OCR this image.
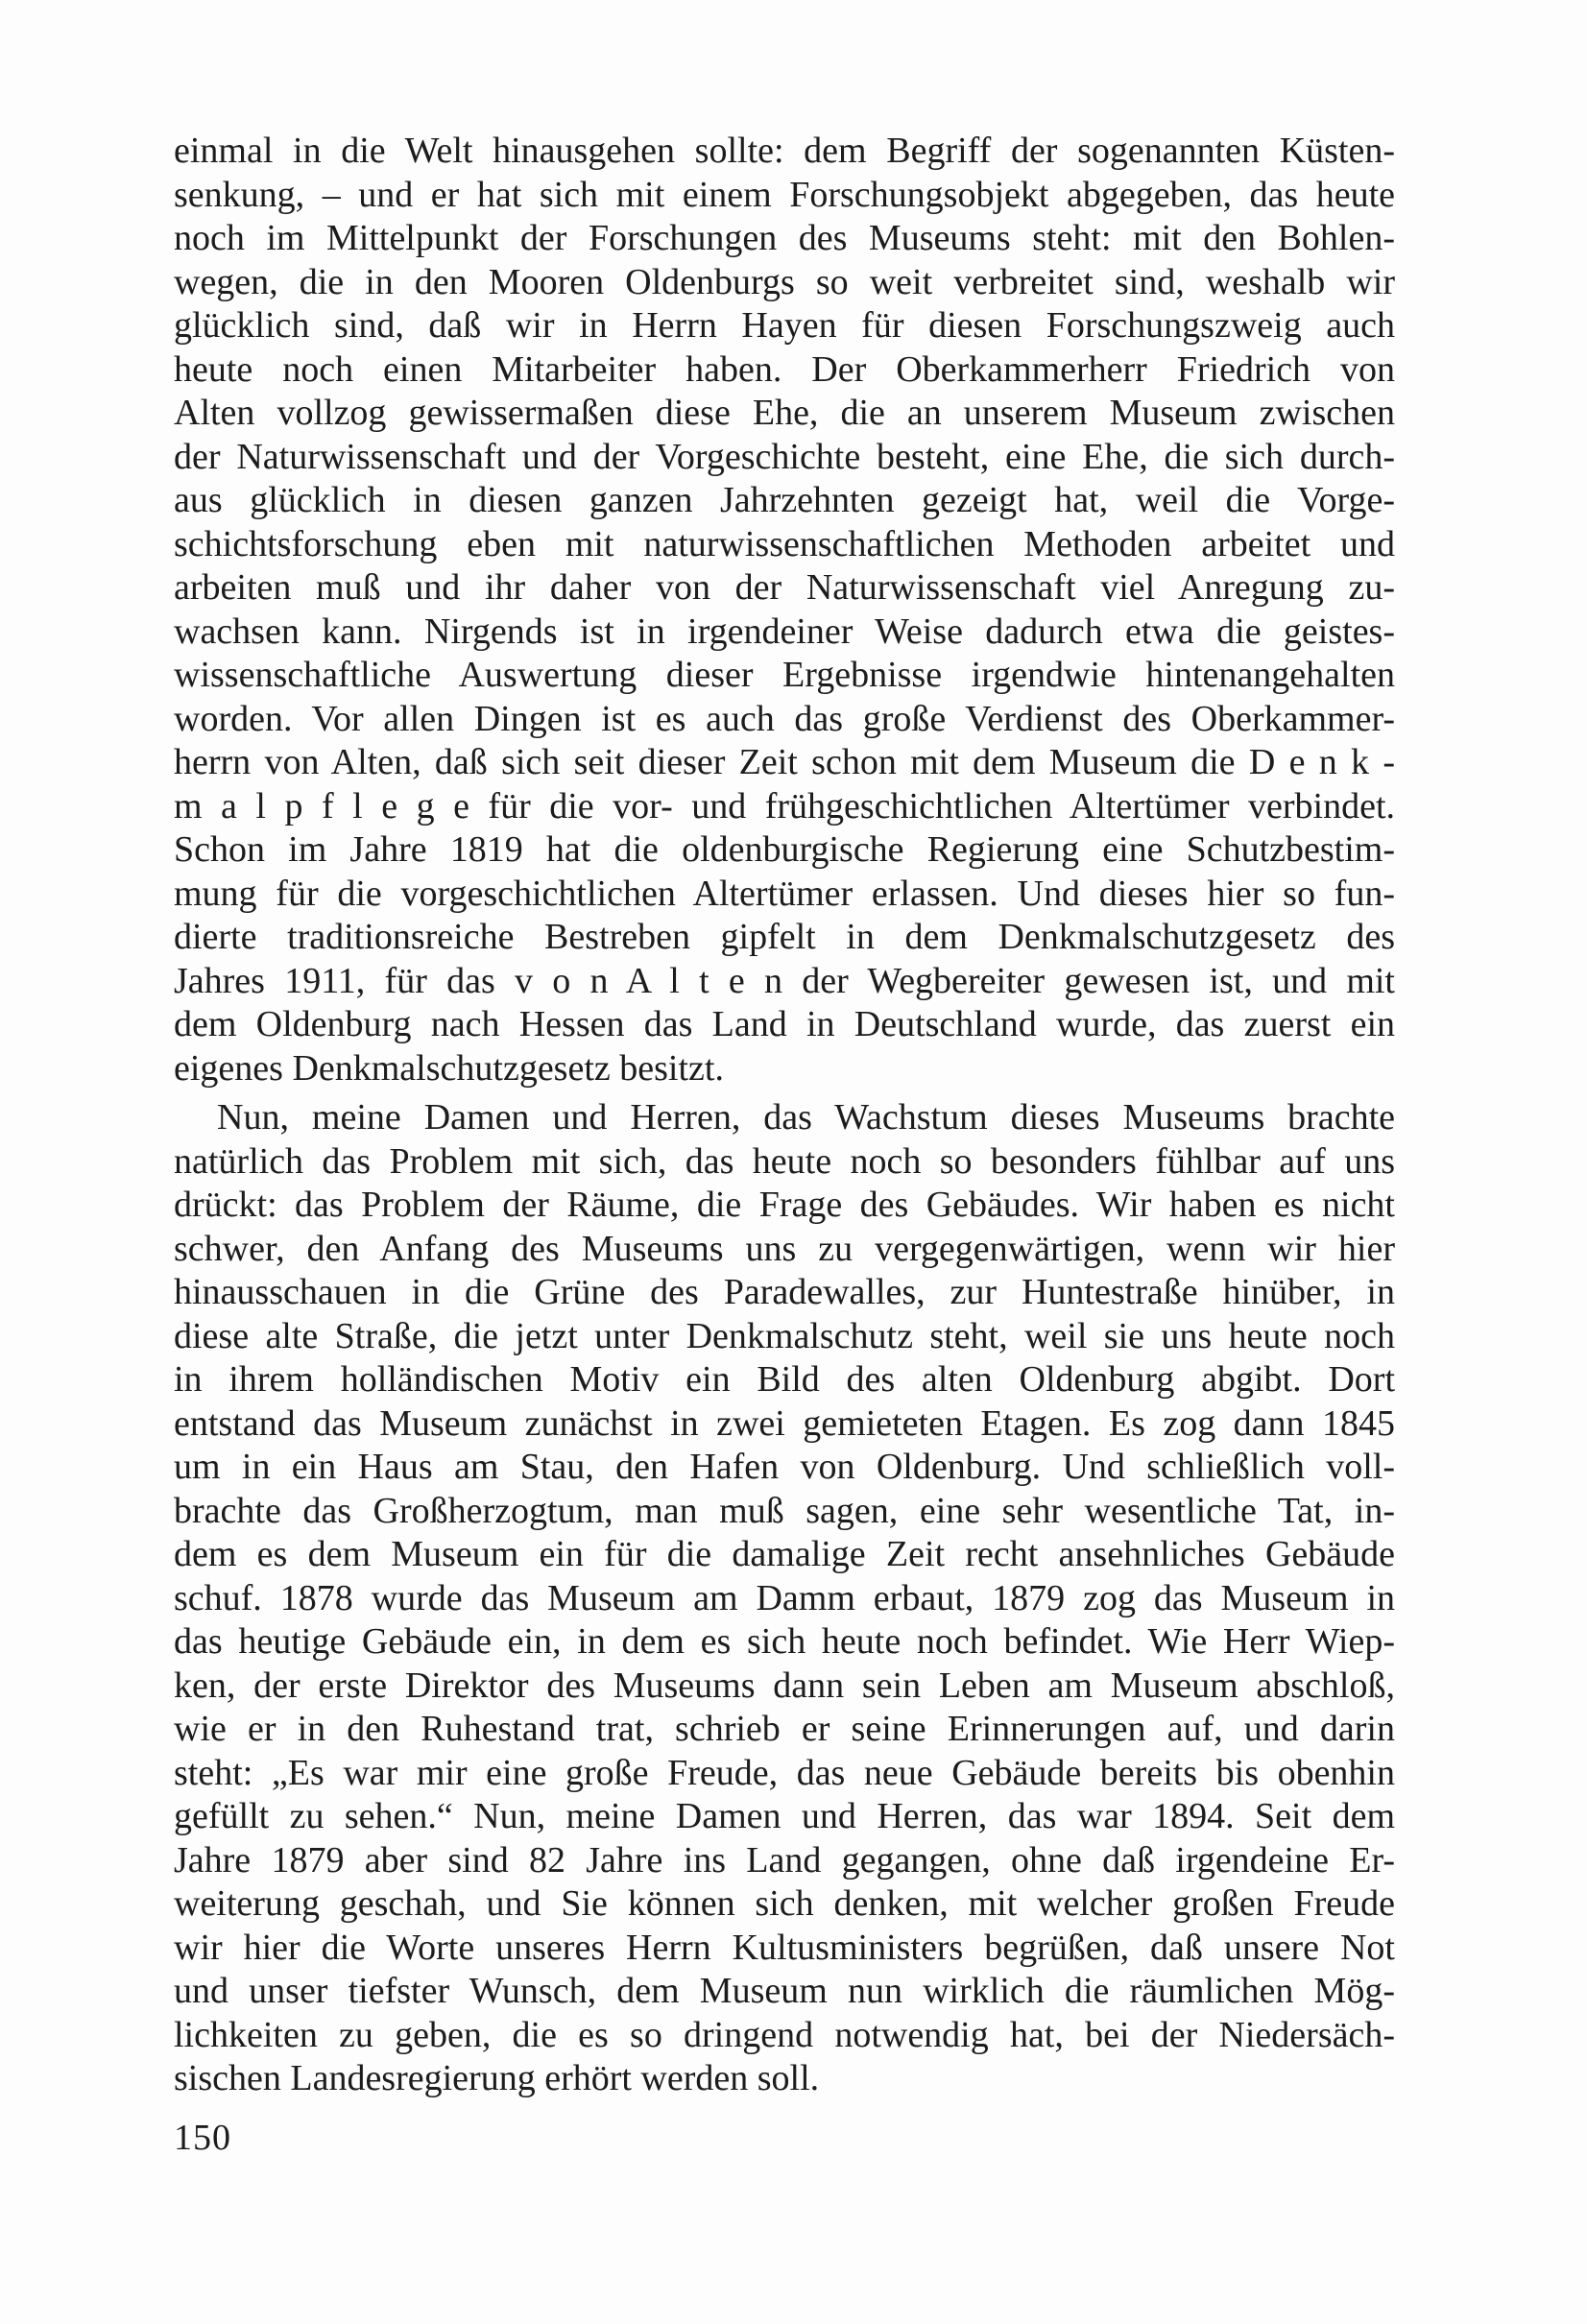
einmal in die Welt hinausgehen sollte: dem Begriff der sogenannten Küsten-
senkung, – und er hat sich mit einem Forschungsobjekt abgegeben, das heute
noch im Mittelpunkt der Forschungen des Museums steht: mit den Bohlen-
wegen, die in den Mooren Oldenburgs so weit verbreitet sind, weshalb wir
glücklich sind, daß wir in Herrn Hayen für diesen Forschungszweig auch
heute noch einen Mitarbeiter haben. Der Oberkammerherr Friedrich von
Alten vollzog gewissermaßen diese Ehe, die an unserem Museum zwischen
der Naturwissenschaft und der Vorgeschichte besteht, eine Ehe, die sich durch-
aus glücklich in diesen ganzen Jahrzehnten gezeigt hat, weil die Vorge-
schichtsforschung eben mit naturwissenschaftlichen Methoden arbeitet und
arbeiten muß und ihr daher von der Naturwissenschaft viel Anregung zu-
wachsen kann. Nirgends ist in irgendeiner Weise dadurch etwa die geistes-
wissenschaftliche Auswertung dieser Ergebnisse irgendwie hintenangehalten
worden. Vor allen Dingen ist es auch das große Verdienst des Oberkammer-
herrn von Alten, daß sich seit dieser Zeit schon mit dem Museum die D e n k -
m a l p f l e g e für die vor- und frühgeschichtlichen Altertümer verbindet.
Schon im Jahre 1819 hat die oldenburgische Regierung eine Schutzbestim-
mung für die vorgeschichtlichen Altertümer erlassen. Und dieses hier so fun-
dierte traditionsreiche Bestreben gipfelt in dem Denkmalschutzgesetz des
Jahres 1911, für das v o n A l t e n der Wegbereiter gewesen ist, und mit
dem Oldenburg nach Hessen das Land in Deutschland wurde, das zuerst ein
eigenes Denkmalschutzgesetz besitzt.
Nun, meine Damen und Herren, das Wachstum dieses Museums brachte
natürlich das Problem mit sich, das heute noch so besonders fühlbar auf uns
drückt: das Problem der Räume, die Frage des Gebäudes. Wir haben es nicht
schwer, den Anfang des Museums uns zu vergegenwärtigen, wenn wir hier
hinausschauen in die Grüne des Paradewalles, zur Huntestraße hinüber, in
diese alte Straße, die jetzt unter Denkmalschutz steht, weil sie uns heute noch
in ihrem holländischen Motiv ein Bild des alten Oldenburg abgibt. Dort
entstand das Museum zunächst in zwei gemieteten Etagen. Es zog dann 1845
um in ein Haus am Stau, den Hafen von Oldenburg. Und schließlich voll-
brachte das Großherzogtum, man muß sagen, eine sehr wesentliche Tat, in-
dem es dem Museum ein für die damalige Zeit recht ansehnliches Gebäude
schuf. 1878 wurde das Museum am Damm erbaut, 1879 zog das Museum in
das heutige Gebäude ein, in dem es sich heute noch befindet. Wie Herr Wiep-
ken, der erste Direktor des Museums dann sein Leben am Museum abschloß,
wie er in den Ruhestand trat, schrieb er seine Erinnerungen auf, und darin
steht: „Es war mir eine große Freude, das neue Gebäude bereits bis obenhin
gefüllt zu sehen.“ Nun, meine Damen und Herren, das war 1894. Seit dem
Jahre 1879 aber sind 82 Jahre ins Land gegangen, ohne daß irgendeine Er-
weiterung geschah, und Sie können sich denken, mit welcher großen Freude
wir hier die Worte unseres Herrn Kultusministers begrüßen, daß unsere Not
und unser tiefster Wunsch, dem Museum nun wirklich die räumlichen Mög-
lichkeiten zu geben, die es so dringend notwendig hat, bei der Niedersäch-
sischen Landesregierung erhört werden soll.
150
